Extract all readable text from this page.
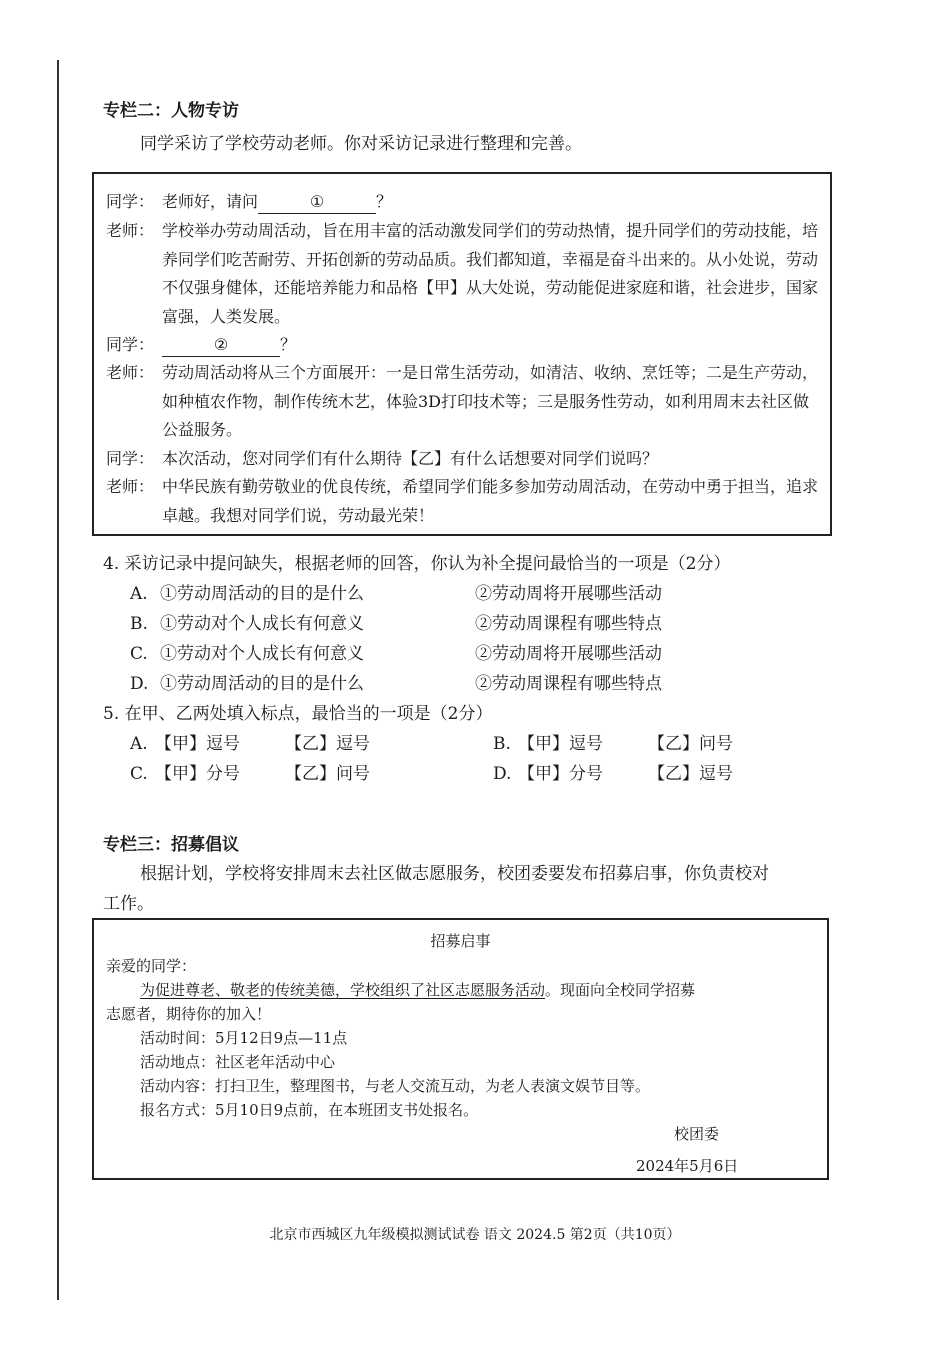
专栏二：人物专访
同学采访了学校劳动老师。你对采访记录进行整理和完善。
同学： 老师好，请问	①	？
老师： 学校举办劳动周活动，旨在用丰富的活动激发同学们的劳动热情，提升同学们的劳动技能，培养同学们吃苦耐劳、开拓创新的劳动品质。我们都知道，幸福是奋斗出来的。从小处说，劳动不仅强身健体，还能培养能力和品格【甲】从大处说，劳动能促进家庭和谐，社会进步，国家富强，人类发展。
同学：	②	？
老师： 劳动周活动将从三个方面展开：一是日常生活劳动，如清洁、收纳、烹饪等；二是生产劳动，如种植农作物，制作传统木艺，体验3D打印技术等；三是服务性劳动，如利用周末去社区做公益服务。
同学： 本次活动，您对同学们有什么期待【乙】有什么话想要对同学们说吗？
老师： 中华民族有勤劳敬业的优良传统，希望同学们能多参加劳动周活动，在劳动中勇于担当，追求卓越。我想对同学们说，劳动最光荣！
4. 采访记录中提问缺失，根据老师的回答，你认为补全提问最恰当的一项是（2分）
A. ①劳动周活动的目的是什么	②劳动周将开展哪些活动
B. ①劳动对个人成长有何意义	②劳动周课程有哪些特点
C. ①劳动对个人成长有何意义	②劳动周将开展哪些活动
D. ①劳动周活动的目的是什么	②劳动周课程有哪些特点
5. 在甲、乙两处填入标点，最恰当的一项是（2分）
A. 【甲】逗号	【乙】逗号	B. 【甲】逗号	【乙】问号
C. 【甲】分号	【乙】问号	D. 【甲】分号	【乙】逗号
专栏三：招募倡议
根据计划，学校将安排周末去社区做志愿服务，校团委要发布招募启事，你负责校对
工作。
招募启事
亲爱的同学：
为促进尊老、敬老的传统美德，学校组织了社区志愿服务活动。现面向全校同学招募
志愿者，期待你的加入！
活动时间：5月12日9点—11点
活动地点：社区老年活动中心
活动内容：打扫卫生，整理图书，与老人交流互动，为老人表演文娱节目等。
报名方式：5月10日9点前，在本班团支书处报名。
校团委
2024年5月6日
北京市西城区九年级模拟测试试卷 语文 2024.5 第2页（共10页）
